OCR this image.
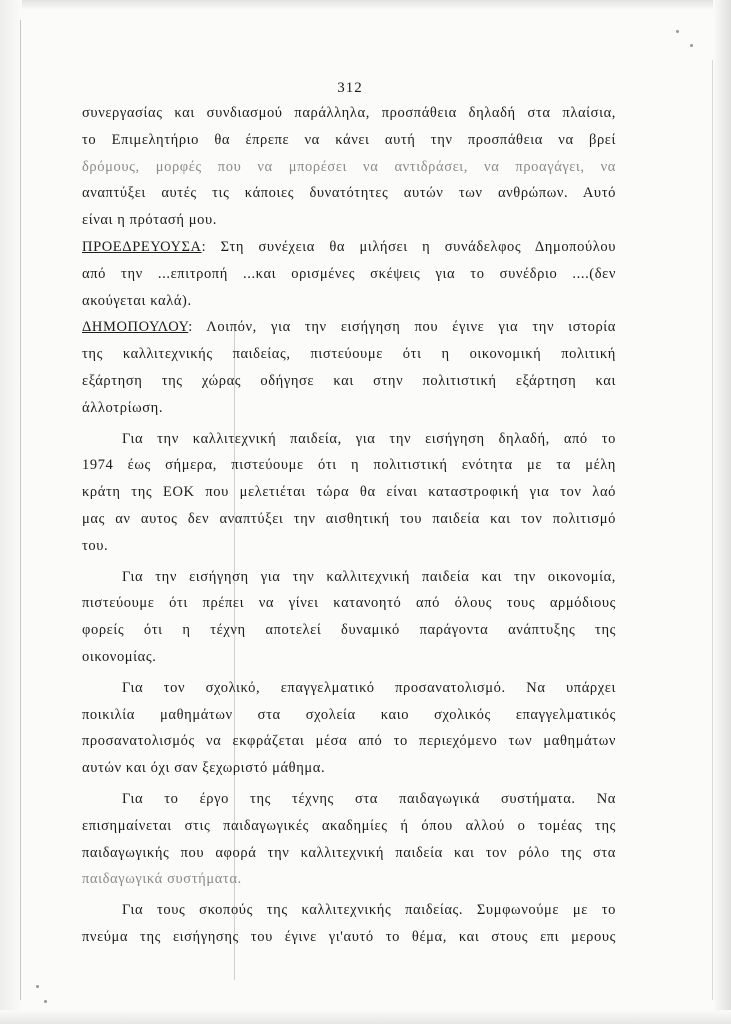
312
συνεργασίας και συνδιασμού παράλληλα, προσπάθεια δηλαδή στα πλαίσια,
το Επιμελητήριο θα έπρεπε να κάνει αυτή την προσπάθεια να βρεί
δρόμους, μορφές που να μπορέσει να αντιδράσει, να προαγάγει, να
αναπτύξει αυτές τις κάποιες δυνατότητες αυτών των ανθρώπων. Αυτό
είναι η πρότασή μου.
ΠΡΟΕΔΡΕΥΟΥΣΑ: Στη συνέχεια θα μιλήσει η συνάδελφος Δημοπούλου
από την ...επιτροπή ...και ορισμένες σκέψεις για το συνέδριο ....(δεν
ακούγεται καλά).
ΔΗΜΟΠΟΥΛΟΥ: Λοιπόν, για την εισήγηση που έγινε για την ιστορία
της καλλιτεχνικής παιδείας, πιστεύουμε ότι η οικονομική πολιτική
εξάρτηση της χώρας οδήγησε και στην πολιτιστική εξάρτηση και
άλλοτρίωση.
Για την καλλιτεχνική παιδεία, για την εισήγηση δηλαδή, από το
1974 έως σήμερα, πιστεύουμε ότι η πολιτιστική ενότητα με τα μέλη
κράτη της ΕΟΚ που μελετιέται τώρα θα είναι καταστροφική για τον λαό
μας αν αυτος δεν αναπτύξει την αισθητική του παιδεία και τον πολιτισμό
του.
Για την εισήγηση για την καλλιτεχνική παιδεία και την οικονομία,
πιστεύουμε ότι πρέπει να γίνει κατανοητό από όλους τους αρμόδιους
φορείς ότι η τέχνη αποτελεί δυναμικό παράγοντα ανάπτυξης της
οικονομίας.
Για τον σχολικό, επαγγελματικό προσανατολισμό. Να υπάρχει
ποικιλία μαθημάτων στα σχολεία καιο σχολικός επαγγελματικός
προσανατολισμός να εκφράζεται μέσα από το περιεχόμενο των μαθημάτων
αυτών και όχι σαν ξεχωριστό μάθημα.
Για το έργο της τέχνης στα παιδαγωγικά συστήματα. Να
επισημαίνεται στις παιδαγωγικές ακαδημίες ή όπου αλλού ο τομέας της
παιδαγωγικής που αφορά την καλλιτεχνική παιδεία και τον ρόλο της στα
παιδαγωγικά συστήματα.
Για τους σκοπούς της καλλιτεχνικής παιδείας. Συμφωνούμε με το
πνεύμα της εισήγησης του έγινε γι'αυτό το θέμα, και στους επι μερους
